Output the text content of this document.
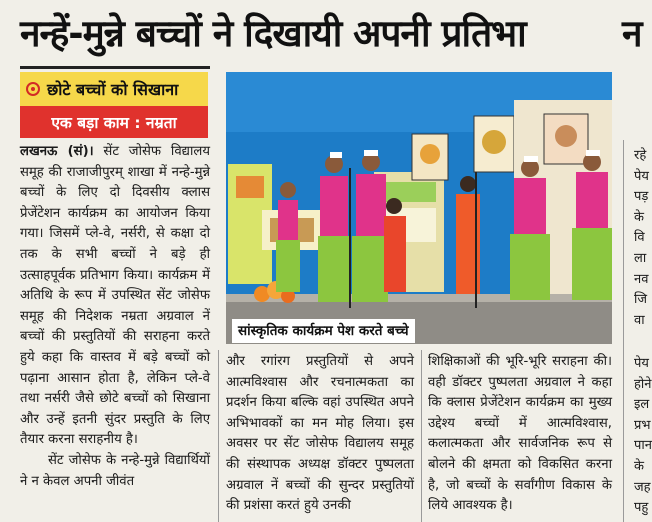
नन्हें-मुन्ने बच्चों ने दिखायी अपनी प्रतिभा	न
छोटे बच्चों को सिखाना
एक बड़ा काम : नम्रता

लखनऊ (सं)। सेंट जोसेफ विद्यालय समूह की राजाजीपुरम् शाखा में नन्हे-मुन्ने बच्चों के लिए दो दिवसीय क्लास प्रेजेंटेशन कार्यक्रम का आयोजन किया गया। जिसमें प्ले-वे, नर्सरी, से कक्षा दो तक के सभी बच्चों ने बड़े ही उत्साहपूर्वक प्रतिभाग किया। कार्यक्रम में अतिथि के रूप में उपस्थित सेंट जोसेफ समूह की निदेशक नम्रता अग्रवाल नें बच्चों की प्रस्तुतियों की सराहना करते हुये कहा कि वास्तव में बड़े बच्चों को पढ़ाना आसान होता है, लेकिन प्ले-वे तथा नर्सरी जैसे छोटे बच्चों को सिखाना और उन्हें इतनी सुंदर प्रस्तुति के लिए तैयार करना सराहनीय है।

सेंट जोसेफ के नन्हे-मुन्ने विद्यार्थियों ने न केवल अपनी जीवंत

सांस्कृतिक कार्यक्रम पेश करते बच्चे
और रगांरग प्रस्तुतियों से अपने आत्मविश्वास और रचनात्मकता का प्रदर्शन किया बल्कि वहां उपस्थित अपने अभिभावकों का मन मोह लिया। इस अवसर पर सेंट जोसेफ विद्यालय समूह की संस्थापक अध्यक्ष डॉक्टर पुष्पलता अग्रवाल नें बच्चों की सुन्दर प्रस्तुतियों की प्रशंसा करतं हुये उनकी
शिक्षिकाओं की भूरि-भूरि सराहना की। वही डॉक्टर पुष्पलता अग्रवाल ने कहा कि क्लास प्रेजेंटेशन कार्यक्रम का मुख्य उद्देश्य बच्चों में आत्मविश्वास, कलात्मकता और सार्वजनिक रूप से बोलने की क्षमता को विकसित करना है, जो बच्चों के सर्वांगीण विकास के लिये आवश्यक है।
रहे
पेय
पड़
के
वि
ला
नव
जि
वा
पेय
होने
इल
प्रभ
पान
के
जह
पहु
